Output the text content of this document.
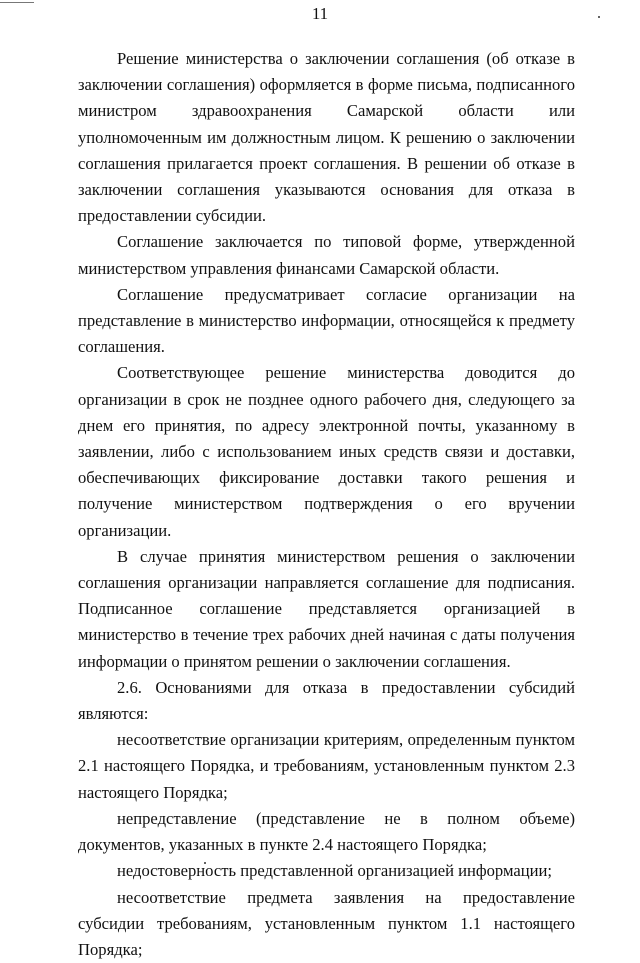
11

Решение министерства о заключении соглашения (об отказе в заключении соглашения) оформляется в форме письма, подписанного министром здравоохранения Самарской области или уполномоченным им должностным лицом. К решению о заключении соглашения прилагается проект соглашения. В решении об отказе в заключении соглашения указываются основания для отказа в предоставлении субсидии.

Соглашение заключается по типовой форме, утвержденной министерством управления финансами Самарской области.

Соглашение предусматривает согласие организации на представление в министерство информации, относящейся к предмету соглашения.

Соответствующее решение министерства доводится до организации в срок не позднее одного рабочего дня, следующего за днем его принятия, по адресу электронной почты, указанному в заявлении, либо с использованием иных средств связи и доставки, обеспечивающих фиксирование доставки такого решения и получение министерством подтверждения о его вручении организации.

В случае принятия министерством решения о заключении соглашения организации направляется соглашение для подписания. Подписанное соглашение представляется организацией в министерство в течение трех рабочих дней начиная с даты получения информации о принятом решении о заключении соглашения.

2.6. Основаниями для отказа в предоставлении субсидий являются:

несоответствие организации критериям, определенным пунктом 2.1 настоящего Порядка, и требованиям, установленным пунктом 2.3 настоящего Порядка;

непредставление (представление не в полном объеме) документов, указанных в пункте 2.4 настоящего Порядка;

недостоверность представленной организацией информации;

несоответствие предмета заявления на предоставление субсидии требованиям, установленным пунктом 1.1 настоящего Порядка;
